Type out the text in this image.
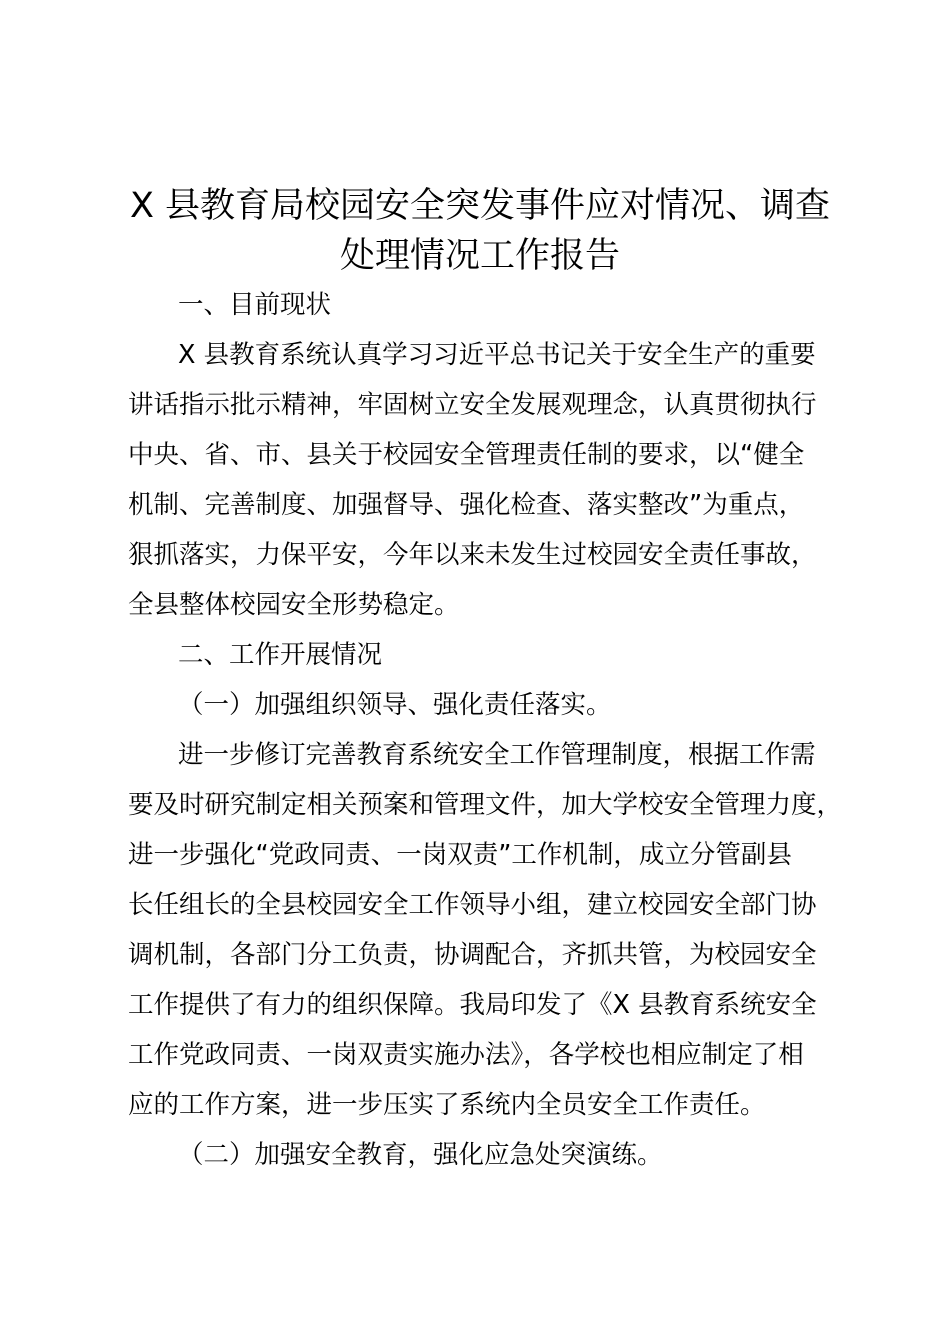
X 县教育局校园安全突发事件应对情况、调查
处理情况工作报告
一、目前现状
X 县教育系统认真学习习近平总书记关于安全生产的重要
讲话指示批示精神，牢固树立安全发展观理念，认真贯彻执行
中央、省、市、县关于校园安全管理责任制的要求，以“健全
机制、完善制度、加强督导、强化检查、落实整改”为重点，
狠抓落实，力保平安，今年以来未发生过校园安全责任事故，
全县整体校园安全形势稳定。
二、工作开展情况
（一）加强组织领导、强化责任落实。
进一步修订完善教育系统安全工作管理制度，根据工作需
要及时研究制定相关预案和管理文件，加大学校安全管理力度，
进一步强化“党政同责、一岗双责”工作机制，成立分管副县
长任组长的全县校园安全工作领导小组，建立校园安全部门协
调机制，各部门分工负责，协调配合，齐抓共管，为校园安全
工作提供了有力的组织保障。我局印发了《X 县教育系统安全
工作党政同责、一岗双责实施办法》，各学校也相应制定了相
应的工作方案，进一步压实了系统内全员安全工作责任。
（二）加强安全教育，强化应急处突演练。
